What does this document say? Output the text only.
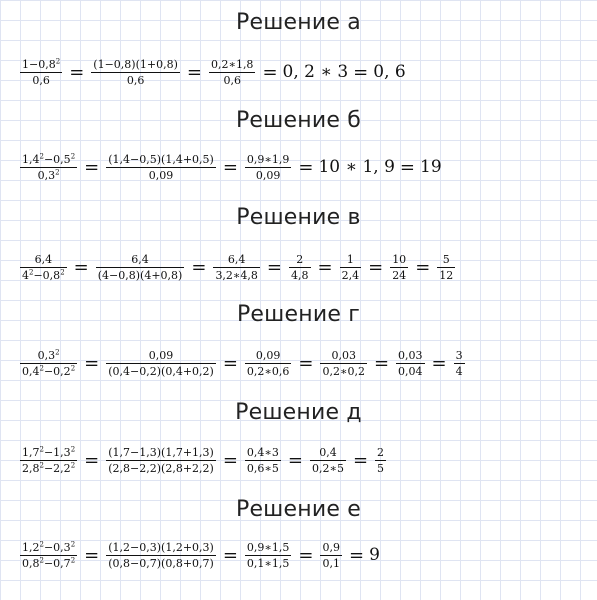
Решение а
$\frac{1-0,8^2}{0,6} = \frac{(1-0,8)(1+0,8)}{0,6} = \frac{0,2∗1,8}{0,6} = 0$, 2 ∗ 3 = 0, 6
Решение б
$\frac{1,4^2-0,5^2}{0,3^2} = \frac{(1,4-0,5)(1,4+0,5)}{0,09} = \frac{0,9∗1,9}{0,09} = 10$ ∗ 1, 9 = 19
Решение в
$\frac{6,4}{4^2-0,8^2} = \frac{6,4}{(4-0,8)(4+0,8)} = \frac{6,4}{3,2∗4,8} = \frac{2}{4,8} = \frac{1}{2,4} = \frac{10}{24} = \frac{5}{12}$
Решение г
$\frac{0,3^2}{0,4^2-0,2^2} = \frac{0,09}{(0,4-0,2)(0,4+0,2)} = \frac{0,09}{0,2∗0,6} = \frac{0,03}{0,2∗0,2} = \frac{0,03}{0,04} = \frac{3}{4}$
Решение д
$\frac{1,7^2-1,3^2}{2,8^2-2,2^2} = \frac{(1,7-1,3)(1,7+1,3)}{(2,8-2,2)(2,8+2,2)} = \frac{0,4∗3}{0,6∗5} = \frac{0,4}{0,2∗5} = \frac{2}{5}$
Решение е
$\frac{1,2^2-0,3^2}{0,8^2-0,7^2} = \frac{(1,2-0,3)(1,2+0,3)}{(0,8-0,7)(0,8+0,7)} = \frac{0,9∗1,5}{0,1∗1,5} = \frac{0,9}{0,1} = 9$
